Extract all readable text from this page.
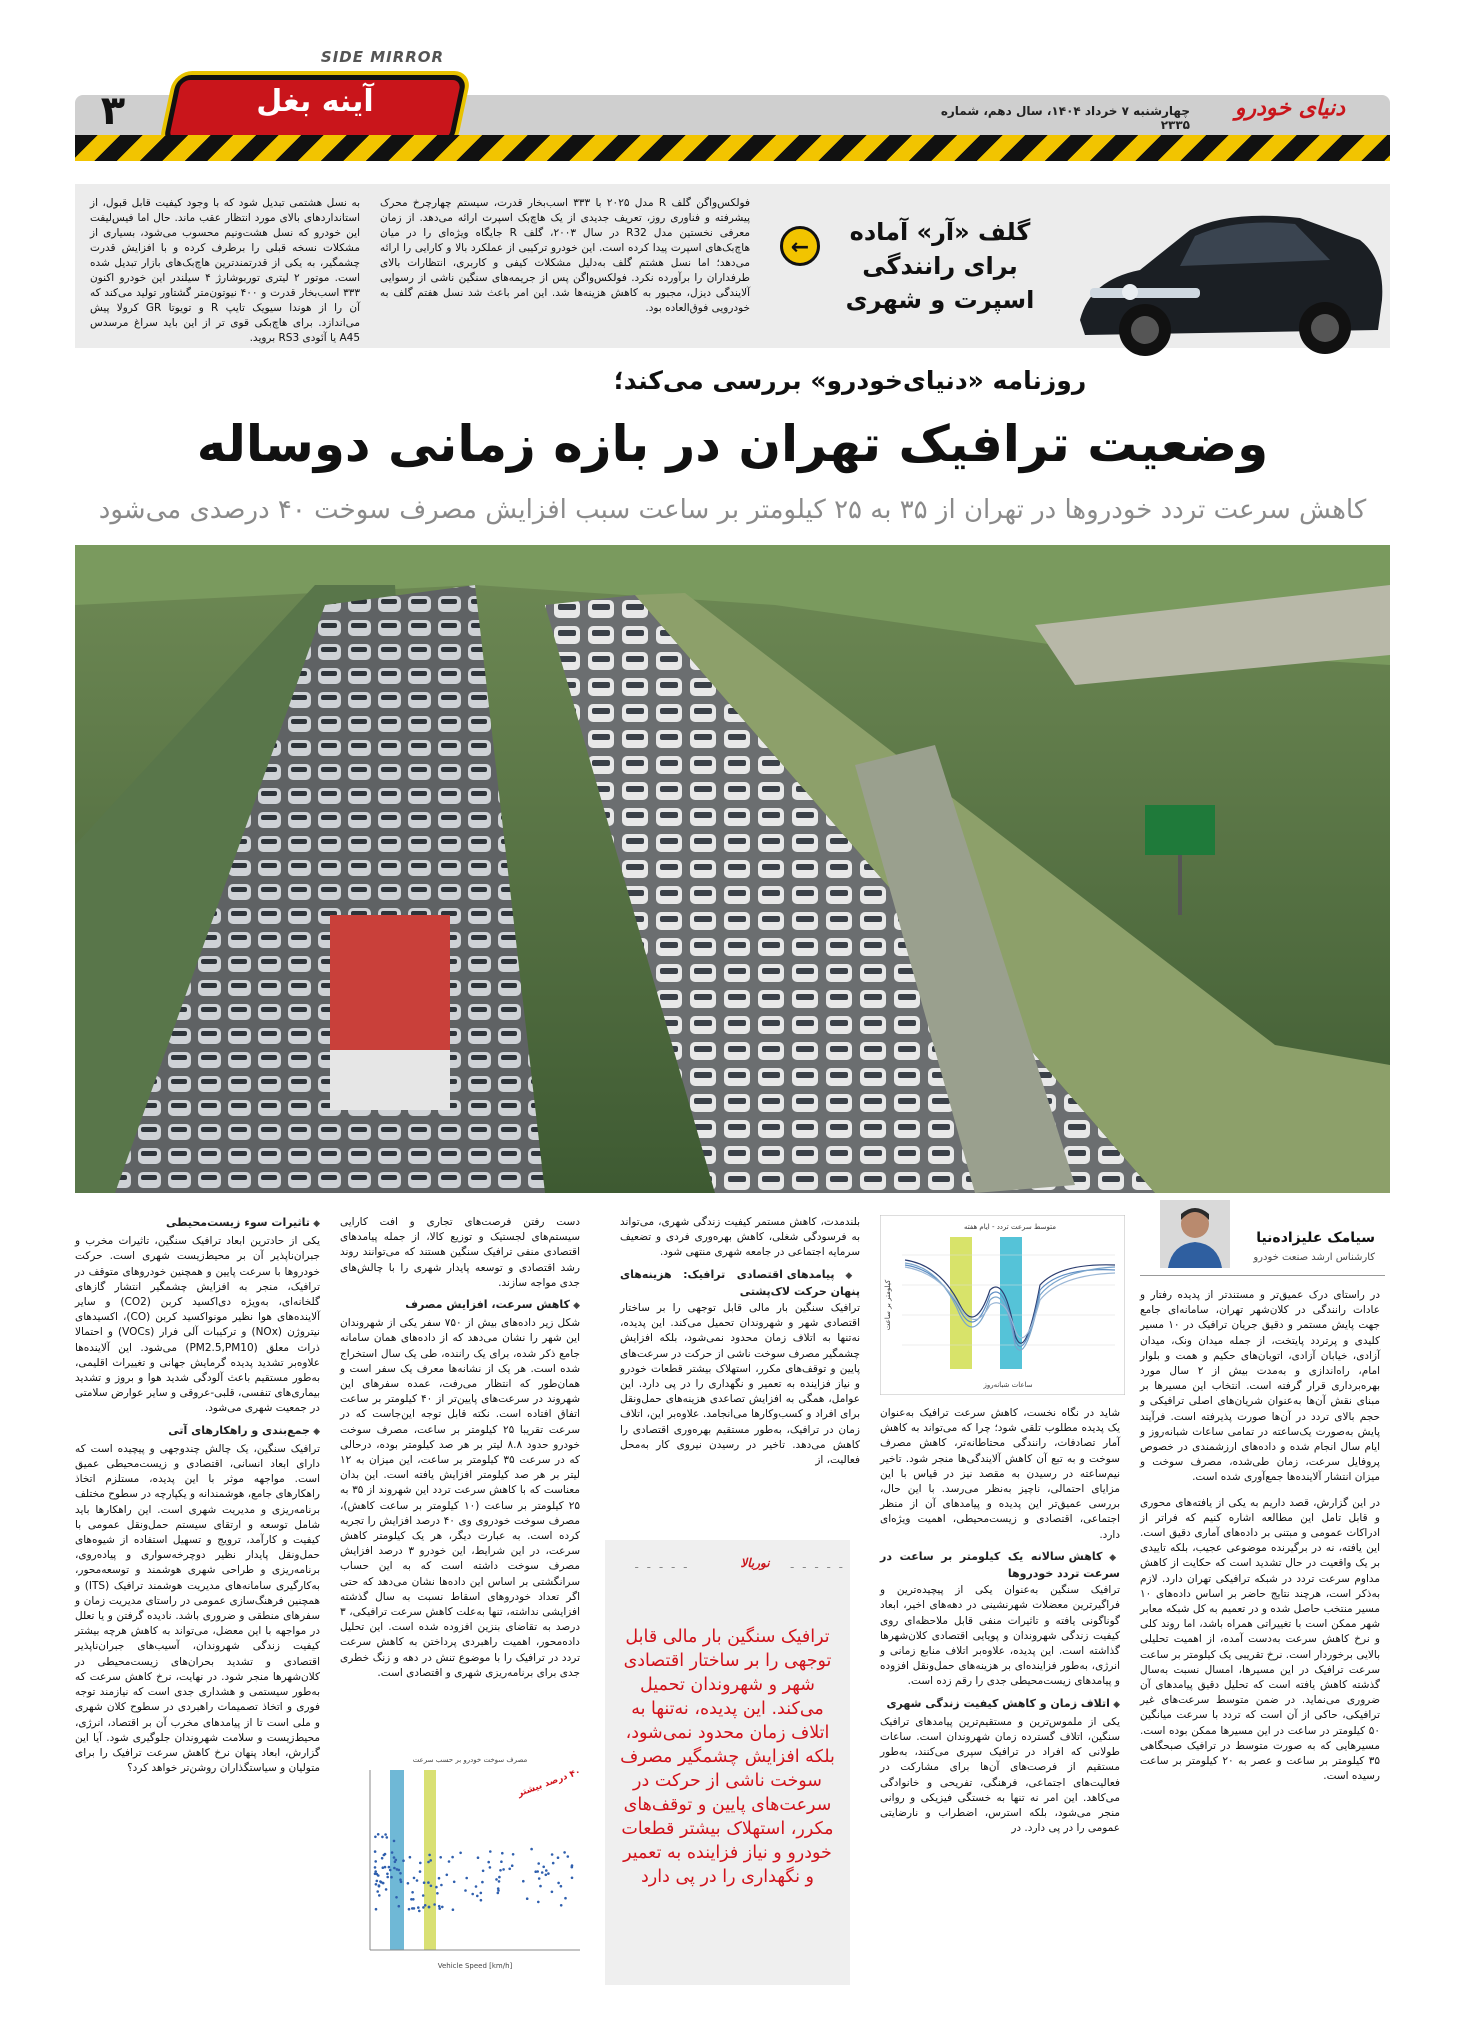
SIDE MIRROR
آینه بغل
۳	چهارشنبه ۷ خرداد ۱۴۰۴، سال دهم، شماره ۲۳۳۵
دنیای خودرو
فولکس‌واگن گلف R مدل ۲۰۲۵ با ۳۳۳ اسب‌بخار قدرت، سیستم چهارچرخ محرک پیشرفته و فناوری روز، تعریف جدیدی از یک هاچ‌بک اسپرت ارائه می‌دهد. از زمان معرفی نخستین مدل R32 در سال ۲۰۰۳، گلف R جایگاه ویژه‌ای را در میان هاچ‌بک‌های اسپرت پیدا کرده است. این خودرو ترکیبی از عملکرد بالا و کارایی را ارائه می‌دهد؛ اما نسل هشتم گلف به‌دلیل مشکلات کیفی و کاربری، انتظارات بالای طرفداران را برآورده نکرد. فولکس‌واگن پس از جریمه‌های سنگین ناشی از رسوایی آلایندگی دیزل، مجبور به کاهش هزینه‌ها شد. این امر باعث شد نسل هفتم گلف به خودرویی فوق‌العاده بود.
به نسل هشتمی تبدیل شود که با وجود کیفیت قابل قبول، از استانداردهای بالای مورد انتظار عقب ماند. حال اما فیس‌لیفت این خودرو که نسل هشت‌ونیم محسوب می‌شود، بسیاری از مشکلات نسخه قبلی را برطرف کرده و با افزایش قدرت چشمگیر، به یکی از قدرتمندترین هاچ‌بک‌های بازار تبدیل شده است. موتور ۲ لیتری توربوشارژ ۴ سیلندر این خودرو اکنون ۳۳۳ اسب‌بخار قدرت و ۴۰۰ نیوتون‌متر گشتاور تولید می‌کند که آن را از هوندا سیویک تایپ R و تویوتا GR کرولا پیش می‌اندازد. برای هاچ‌بکی قوی تر از این باید سراغ مرسدس A45 یا آئودی RS3 بروید.
←
گلف «آر» آماده برای رانندگی اسپرت و شهری
روزنامه «دنیای‌خودرو» بررسی می‌کند؛
وضعیت ترافیک تهران در بازه زمانی دوساله
کاهش سرعت تردد خودروها در تهران از ۳۵ به ۲۵ کیلومتر بر ساعت سبب افزایش مصرف سوخت ۴۰ درصدی می‌شود
سیامک علیزاده‌نیا
کارشناس ارشد صنعت خودرو

در راستای درک عمیق‌تر و مستندتر از پدیده رفتار و عادات رانندگی در کلان‌شهر تهران، سامانه‌ای جامع جهت پایش مستمر و دقیق جریان ترافیک در ۱۰ مسیر کلیدی و پرتردد پایتخت، از جمله میدان ونک، میدان آزادی، خیابان آزادی، اتوبان‌های حکیم و همت و بلوار امام، راه‌اندازی و به‌مدت بیش از ۲ سال مورد بهره‌برداری قرار گرفته است. انتخاب این مسیرها بر مبنای نقش آن‌ها به‌عنوان شریان‌های اصلی ترافیکی و حجم بالای تردد در آن‌ها صورت پذیرفته است. فرآیند پایش به‌صورت یک‌ساعته در تمامی ساعات شبانه‌روز و ایام سال انجام شده و داده‌های ارزشمندی در خصوص پروفایل سرعت، زمان طی‌شده، مصرف سوخت و میزان انتشار آلاینده‌ها جمع‌آوری شده است.

در این گزارش، قصد داریم به یکی از یافته‌های محوری و قابل تامل این مطالعه اشاره کنیم که فراتر از ادراکات عمومی و مبتنی بر داده‌های آماری دقیق است. این یافته، نه در برگیرنده موضوعی عجیب، بلکه تاییدی بر یک واقعیت در حال تشدید است که حکایت از کاهش مداوم سرعت تردد در شبکه ترافیکی تهران دارد. لازم به‌ذکر است، هرچند نتایج حاضر بر اساس داده‌های ۱۰ مسیر منتخب حاصل شده و در تعمیم به کل شبکه معابر شهر ممکن است با تغییراتی همراه باشد، اما روند کلی و نرخ کاهش سرعت به‌دست آمده، از اهمیت تحلیلی بالایی برخوردار است. نرخ تقریبی یک کیلومتر بر ساعت سرعت ترافیک در این مسیرها، امسال نسبت به‌سال گذشته کاهش یافته است که تحلیل دقیق پیامدهای آن ضروری می‌نماید. در ضمن متوسط سرعت‌های غیر ترافیکی، حاکی از آن است که تردد با سرعت میانگین ۵۰ کیلومتر در ساعت در این مسیرها ممکن بوده است. مسیرهایی که به صورت متوسط در ترافیک صبحگاهی ۳۵ کیلومتر بر ساعت و عصر به ۲۰ کیلومتر بر ساعت رسیده است.

متوسط سرعت تردد - ایام هفته
ساعات شبانه‌روز
کیلومتر بر ساعت

شاید در نگاه نخست، کاهش سرعت ترافیک به‌عنوان یک پدیده مطلوب تلقی شود؛ چرا که می‌تواند به کاهش آمار تصادفات، رانندگی محتاطانه‌تر، کاهش مصرف سوخت و به تبع آن کاهش آلایندگی‌ها منجر شود. تاخیر نیم‌ساعته در رسیدن به مقصد نیز در قیاس با این مزایای احتمالی، ناچیز به‌نظر می‌رسد. با این حال، بررسی عمیق‌تر این پدیده و پیامدهای آن از منظر اجتماعی، اقتصادی و زیست‌محیطی، اهمیت ویژه‌ای دارد.

◆ کاهش سالانه یک کیلومتر بر ساعت در سرعت تردد خودروها

ترافیک سنگین به‌عنوان یکی از پیچیده‌ترین و فراگیرترین معضلات شهرنشینی در دهه‌های اخیر، ابعاد گوناگونی یافته و تاثیرات منفی قابل ملاحظه‌ای روی کیفیت زندگی شهروندان و پویایی اقتصادی کلان‌شهرها گذاشته است. این پدیده، علاوه‌بر اتلاف منابع زمانی و انرژی، به‌طور فزاینده‌ای بر هزینه‌های حمل‌ونقل افزوده و پیامدهای زیست‌محیطی جدی را رقم زده است.

◆ اتلاف زمان و کاهش کیفیت زندگی شهری

یکی از ملموس‌ترین و مستقیم‌ترین پیامدهای ترافیک سنگین، اتلاف گسترده زمان شهروندان است. ساعات طولانی که افراد در ترافیک سپری می‌کنند، به‌طور مستقیم از فرصت‌های آن‌ها برای مشارکت در فعالیت‌های اجتماعی، فرهنگی، تفریحی و خانوادگی می‌کاهد. این امر نه تنها به خستگی فیزیکی و روانی منجر می‌شود، بلکه استرس، اضطراب و نارضایتی عمومی را در پی دارد. در

بلندمدت، کاهش مستمر کیفیت زندگی شهری، می‌تواند به فرسودگی شغلی، کاهش بهره‌وری فردی و تضعیف سرمایه اجتماعی در جامعه شهری منتهی شود.

◆ پیامدهای اقتصادی ترافیک: هزینه‌های پنهان حرکت لاک‌پشتی

ترافیک سنگین بار مالی قابل توجهی را بر ساختار اقتصادی شهر و شهروندان تحمیل می‌کند. این پدیده، نه‌تنها به اتلاف زمان محدود نمی‌شود، بلکه افزایش چشمگیر مصرف سوخت ناشی از حرکت در سرعت‌های پایین و توقف‌های مکرر، استهلاک بیشتر قطعات خودرو و نیاز فزاینده به تعمیر و نگهداری را در پی دارد. این عوامل، همگی به افزایش تصاعدی هزینه‌های حمل‌ونقل برای افراد و کسب‌وکارها می‌انجامد. علاوه‌بر این، اتلاف زمان در ترافیک، به‌طور مستقیم بهره‌وری اقتصادی را کاهش می‌دهد. تاخیر در رسیدن نیروی کار به‌محل فعالیت، از

- - - - -
نوربالا
- - - - -
ترافیک سنگین بار مالی قابل توجهی را بر ساختار اقتصادی شهر و شهروندان تحمیل می‌کند. این پدیده، نه‌تنها به اتلاف زمان محدود نمی‌شود، بلکه افزایش چشمگیر مصرف سوخت ناشی از حرکت در سرعت‌های پایین و توقف‌های مکرر، استهلاک بیشتر قطعات خودرو و نیاز فزاینده به تعمیر و نگهداری را در پی دارد

دست رفتن فرصت‌های تجاری و افت کارایی سیستم‌های لجستیک و توزیع کالا، از جمله پیامدهای اقتصادی منفی ترافیک سنگین هستند که می‌توانند روند رشد اقتصادی و توسعه پایدار شهری را با چالش‌های جدی مواجه سازند.

◆ کاهش سرعت، افزایش مصرف

شکل زیر داده‌های بیش از ۷۵۰ سفر یکی از شهروندان این شهر را نشان می‌دهد که از داده‌های همان سامانه جامع ذکر شده، برای یک راننده، طی یک سال استخراج شده است. هر یک از نشانه‌ها معرف یک سفر است و همان‌طور که انتظار می‌رفت، عمده سفرهای این شهروند در سرعت‌های پایین‌تر از ۴۰ کیلومتر بر ساعت اتفاق افتاده است. نکته قابل توجه این‌جاست که در سرعت تقریبا ۲۵ کیلومتر بر ساعت، مصرف سوخت خودرو حدود ۸.۸ لیتر بر هر صد کیلومتر بوده، درحالی که در سرعت ۳۵ کیلومتر بر ساعت، این میزان به ۱۲ لیتر بر هر صد کیلومتر افزایش یافته است. این بدان معناست که با کاهش سرعت تردد این شهروند از ۳۵ به ۲۵ کیلومتر بر ساعت (۱۰ کیلومتر بر ساعت کاهش)، مصرف سوخت خودروی وی ۴۰ درصد افزایش را تجربه کرده است. به عبارت دیگر، هر یک کیلومتر کاهش سرعت، در این شرایط، این خودرو ۳ درصد افزایش مصرف سوخت داشته است که به این حساب سرانگشتی بر اساس این داده‌ها نشان می‌دهد که حتی اگر تعداد خودروهای اسقاط نسبت به سال گذشته افزایشی نداشته، تنها به‌علت کاهش سرعت ترافیکی، ۳ درصد به تقاضای بنزین افزوده شده است. این تحلیل داده‌محور، اهمیت راهبردی پرداختن به کاهش سرعت تردد در ترافیک را با موضوع تنش در دهه و زنگ خطری جدی برای برنامه‌ریزی شهری و اقتصادی است.

مصرف سوخت خودرو بر حسب سرعت
۴۰ درصد بیشتر
Vehicle Speed [km/h]
◆ تاثیرات سوء زیست‌محیطی

یکی از حادترین ابعاد ترافیک سنگین، تاثیرات مخرب و جبران‌ناپذیر آن بر محیط‌زیست شهری است. حرکت خودروها با سرعت پایین و همچنین خودروهای متوقف در ترافیک، منجر به افزایش چشمگیر انتشار گازهای گلخانه‌ای، به‌ویژه دی‌اکسید کربن (CO2) و سایر آلاینده‌های هوا نظیر مونواکسید کربن (CO)، اکسیدهای نیتروژن (NOx) و ترکیبات آلی فرار (VOCs) و احتمالا ذرات معلق (PM2.5,PM10) می‌شود. این آلاینده‌ها علاوه‌بر تشدید پدیده گرمایش جهانی و تغییرات اقلیمی، به‌طور مستقیم باعث آلودگی شدید هوا و بروز و تشدید بیماری‌های تنفسی، قلبی-عروقی و سایر عوارض سلامتی در جمعیت شهری می‌شود.

◆ جمع‌بندی و راهکارهای آتی

ترافیک سنگین، یک چالش چندوجهی و پیچیده است که دارای ابعاد انسانی، اقتصادی و زیست‌محیطی عمیق است. مواجهه موثر با این پدیده، مستلزم اتخاذ راهکارهای جامع، هوشمندانه و یکپارچه در سطوح مختلف برنامه‌ریزی و مدیریت شهری است. این راهکارها باید شامل توسعه و ارتقای سیستم حمل‌ونقل عمومی با کیفیت و کارآمد، ترویج و تسهیل استفاده از شیوه‌های حمل‌ونقل پایدار نظیر دوچرخه‌سواری و پیاده‌روی، برنامه‌ریزی و طراحی شهری هوشمند و توسعه‌محور، به‌کارگیری سامانه‌های مدیریت هوشمند ترافیک (ITS) و همچنین فرهنگ‌سازی عمومی در راستای مدیریت زمان و سفرهای منطقی و ضروری باشد. نادیده گرفتن و یا تعلل در مواجهه با این معضل، می‌تواند به کاهش هرچه بیشتر کیفیت زندگی شهروندان، آسیب‌های جبران‌ناپذیر اقتصادی و تشدید بحران‌های زیست‌محیطی در کلان‌شهرها منجر شود. در نهایت، نرخ کاهش سرعت که به‌طور سیستمی و هشداری جدی است که نیازمند توجه فوری و اتخاذ تصمیمات راهبردی در سطوح کلان شهری و ملی است تا از پیامدهای مخرب آن بر اقتصاد، انرژی، محیط‌زیست و سلامت شهروندان جلوگیری شود. آیا این گزارش، ابعاد پنهان نرخ کاهش سرعت ترافیک را برای متولیان و سیاستگذاران روشن‌تر خواهد کرد؟
